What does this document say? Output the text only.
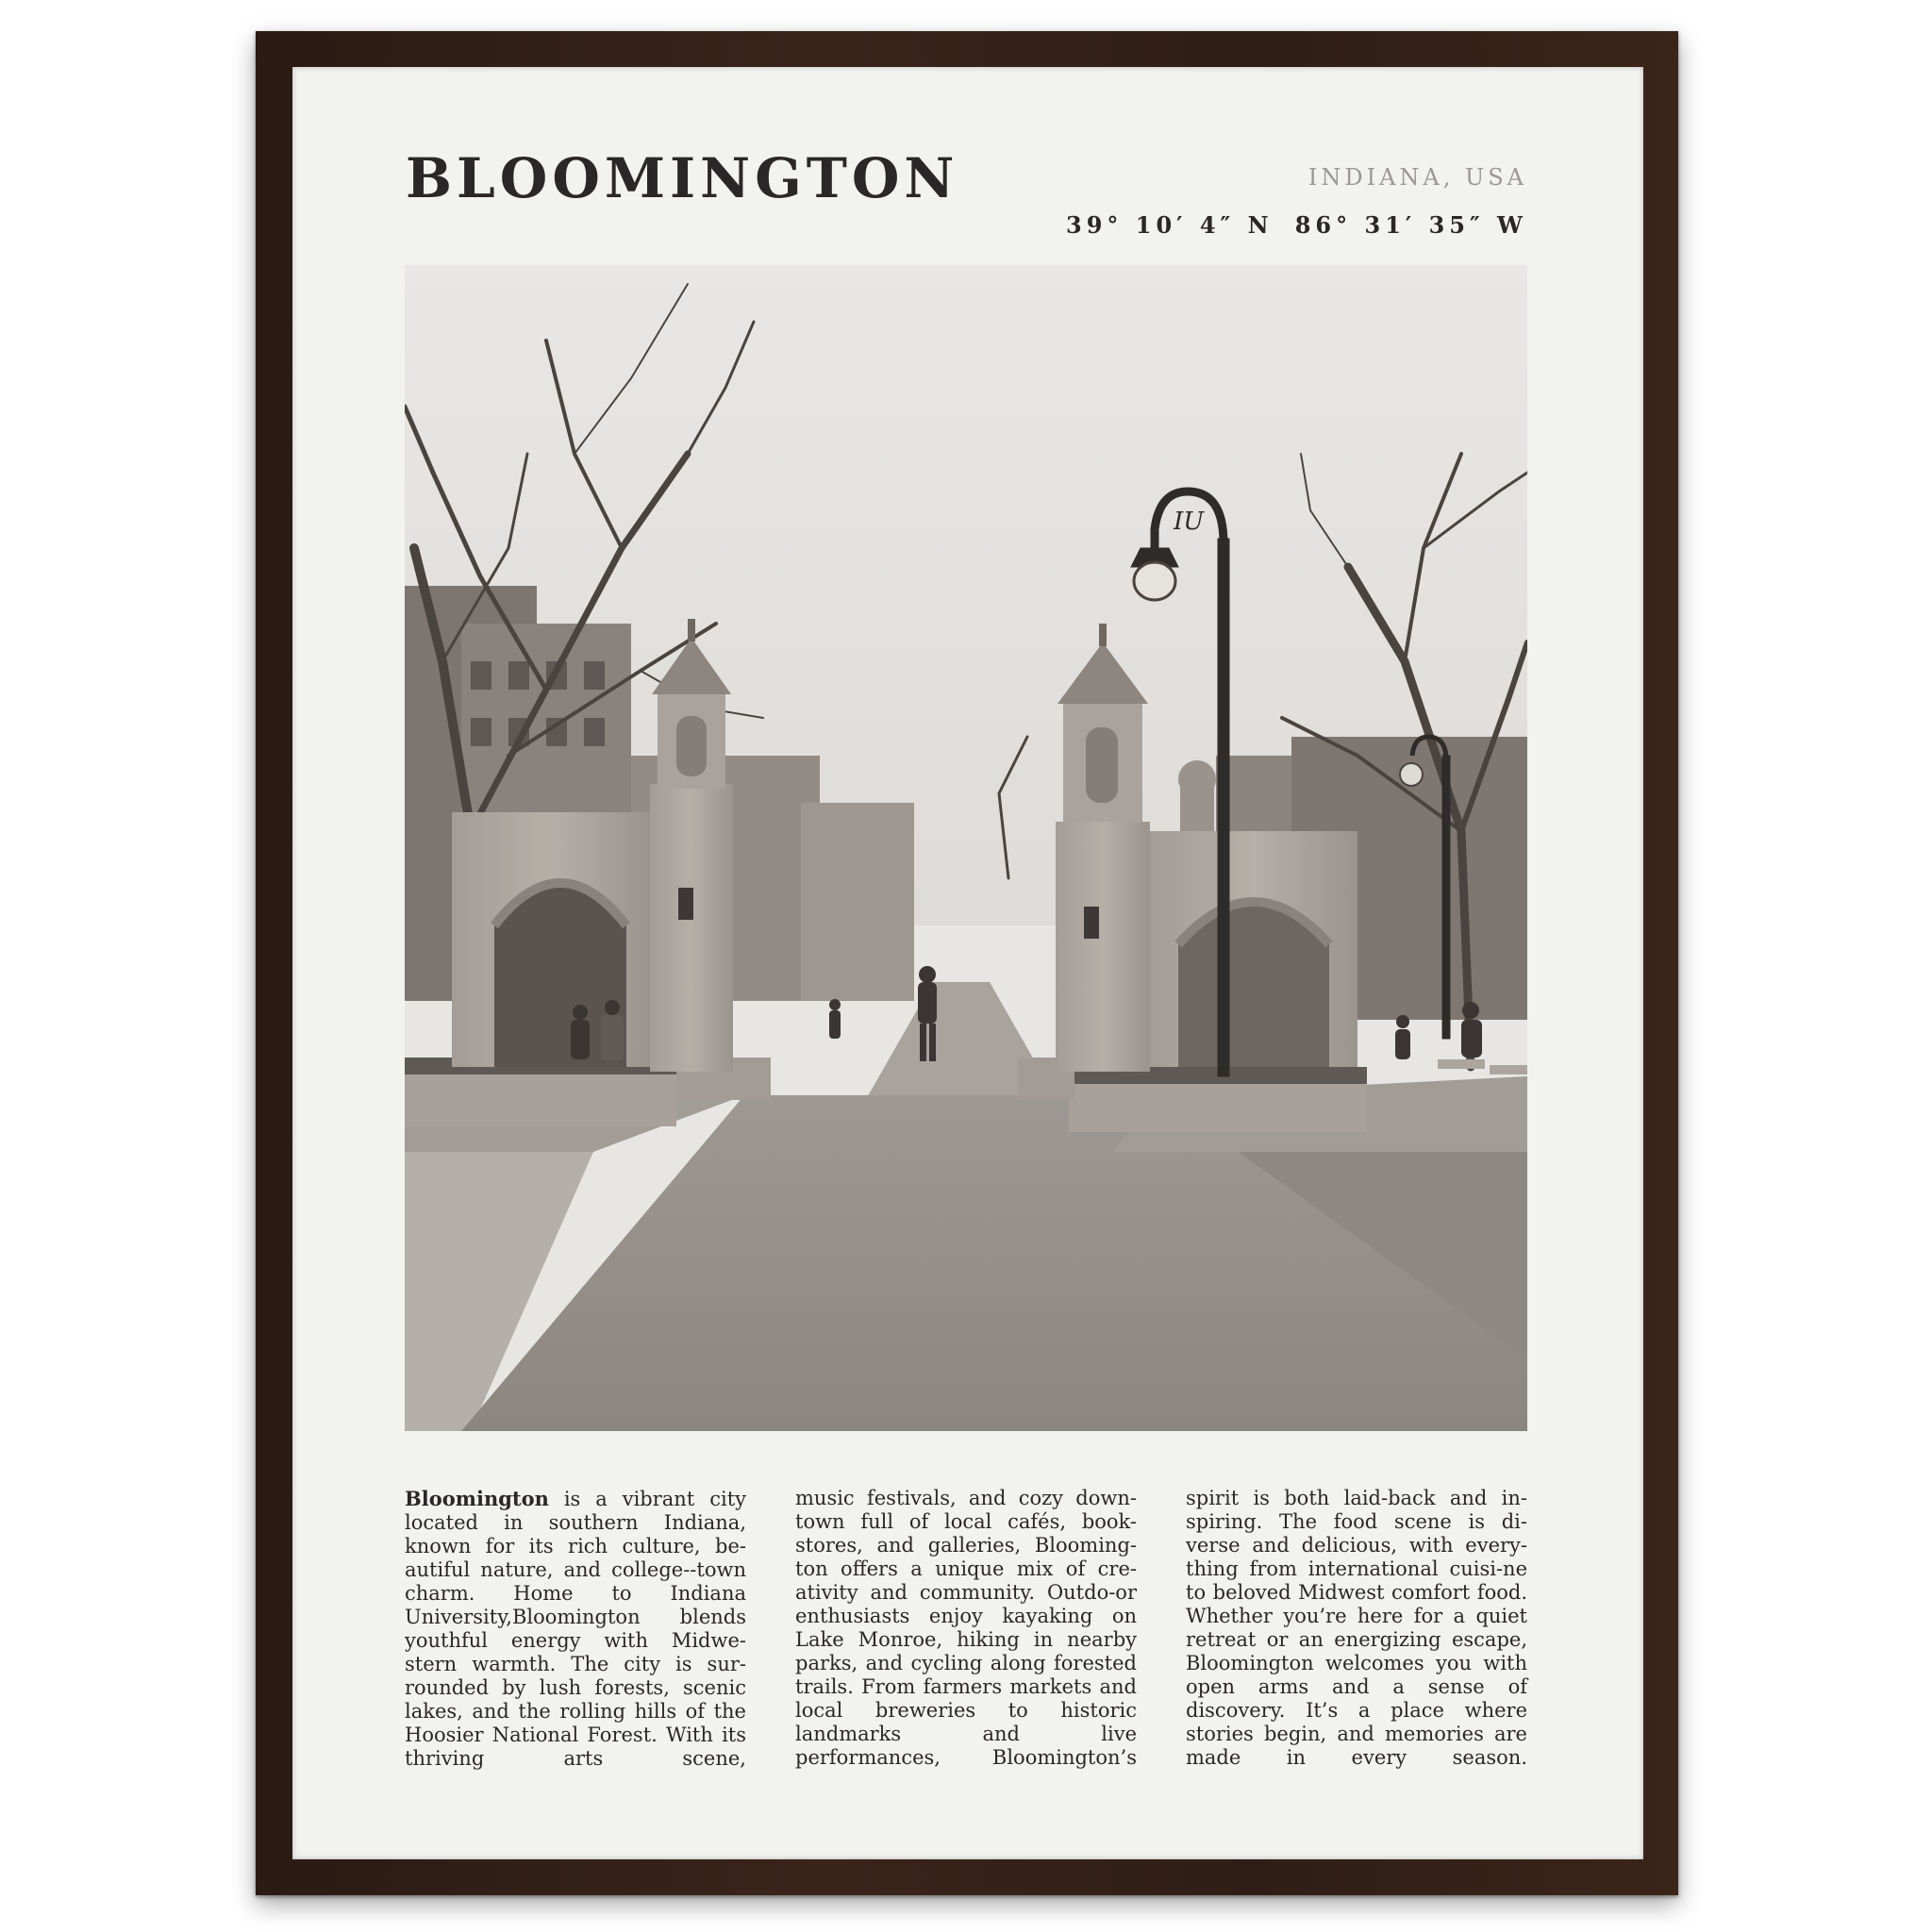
BLOOMINGTON	INDIANA, USA
39° 10′ 4″ N 86° 31′ 35″ W
IU
Bloomington is a vibrant city located in southern Indiana, known for its rich culture, be-autiful nature, and college--town charm. Home to Indiana University,Bloomington blends youthful energy with Midwe-stern warmth. The city is sur-rounded by lush forests, scenic lakes, and the rolling hills of the Hoosier National Forest. With its thriving arts scene,
music festivals, and cozy down-town full of local cafés, book-stores, and galleries, Blooming-ton offers a unique mix of cre-ativity and community. Outdo-or enthusiasts enjoy kayaking on Lake Monroe, hiking in nearby parks, and cycling along forested trails. From farmers markets and local breweries to historic landmarks and live performances, Bloomington’s
spirit is both laid-back and in-spiring. The food scene is di-verse and delicious, with every-thing from international cuisi-ne to beloved Midwest comfort food. Whether you’re here for a quiet retreat or an energizing escape, Bloomington welcomes you with open arms and a sense of discovery. It’s a place where stories begin, and memories are made in every season.
